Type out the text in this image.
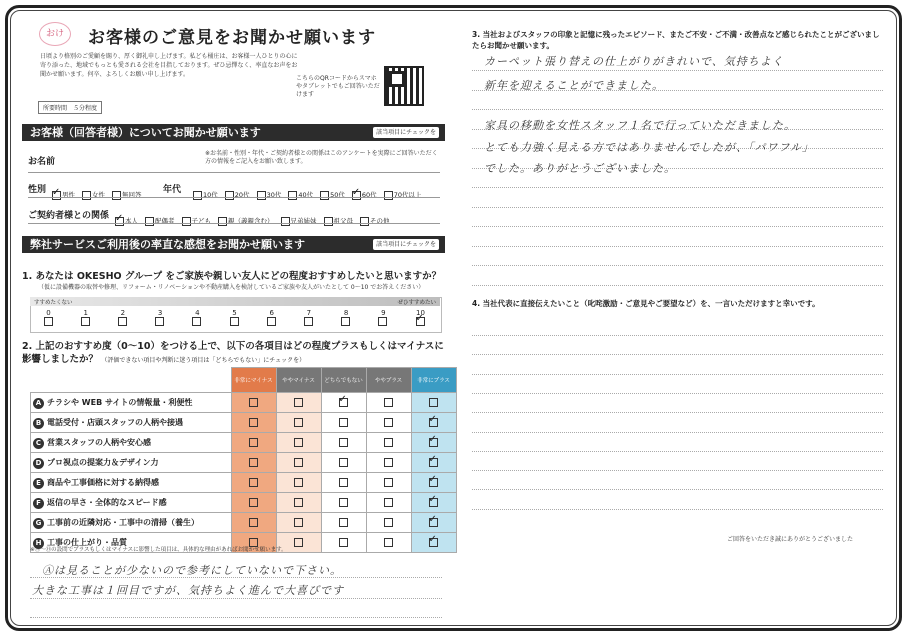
おけ	お客様のご意見をお聞かせ願います
日頃より格別のご愛顧を賜り、厚く御礼申し上げます。私ども桶庄は、お客様一人ひとりの心に寄り添った、地域でもっとも愛される会社を目指しております。ぜひ忌憚なく、率直なお声をお聞かせ願います。何卒、よろしくお願い申し上げます。
所要時間　５分程度
こちらのQRコードからスマホやタブレットでもご回答いただけます
お客様（回答者様）についてお聞かせ願います	該当項目にチェックを
お名前
※お名前・性別・年代・ご契約者様との関係はこのアンケートを実際にご回答いただく方の情報をご記入をお願い致します。
性別 ✓	男性	女性	無回答	年代	10代	20代	30代	40代	50代 ✓	60代	70代以上
ご契約者様との関係 ✓	本人	配偶者	子ども	親（義親含む）	兄弟姉妹	祖父母	その他
弊社サービスご利用後の率直な感想をお聞かせ願います	該当項目にチェックを
1. あなたは OKESHO グループ をご家族や親しい友人にどの程度おすすめしたいと思いますか？
（仮に設備機器の取替や修理、リフォーム・リノベーションや不動産購入を検討しているご家族や友人がいたとして 0〜10 でお答えください）
すすめたくない	ぜひすすめたい
0	1	2	3	4	5	6	7	8	9	10
✓
2. 上記のおすすめ度（0〜10）をつける上で、以下の各項目はどの程度プラスもしくはマイナスに
影響しましたか？ （評価できない項目や判断に迷う項目は「どちらでもない」にチェックを）
	非常にマイナス	ややマイナス	どちらでもない	ややプラス	非常にプラス
A チラシや WEB サイトの情報量・利便性			✓		
B 電話受付・店頭スタッフの人柄や接遇					✓
C 営業スタッフの人柄や安心感					✓
D プロ視点の提案力＆デザイン力					✓
E 商品や工事価格に対する納得感					✓
F 返信の早さ・全体的なスピード感					✓
G 工事前の近隣対応・工事中の清掃（養生）					✓
H 工事の仕上がり・品質					✓
※Ⓐ〜Ⓗの設問でプラスもしくはマイナスに影響した項目は、具体的な理由があればお聞かせ願います。
Ⓐは見ることが少ないので参考にしていないで下さい。
大きな工事は１回目ですが、気持ちよく進んで大喜びです
3. 当社およびスタッフの印象と記憶に残ったエピソード、またご不安・ご不満・改善点など感じられたことがございましたらお聞かせ願います。
カーペット張り替えの仕上がりがきれいで、気持ちよく
新年を迎えることができました。
家具の移動を女性スタッフ１名で行っていただきました。
とても力強く見える方ではありませんでしたが、「パワフル」
でした。ありがとうございました。
4. 当社代表に直接伝えたいこと（叱咤激励・ご意見やご要望など）を、一言いただけますと幸いです。
ご回答をいただき誠にありがとうございました
